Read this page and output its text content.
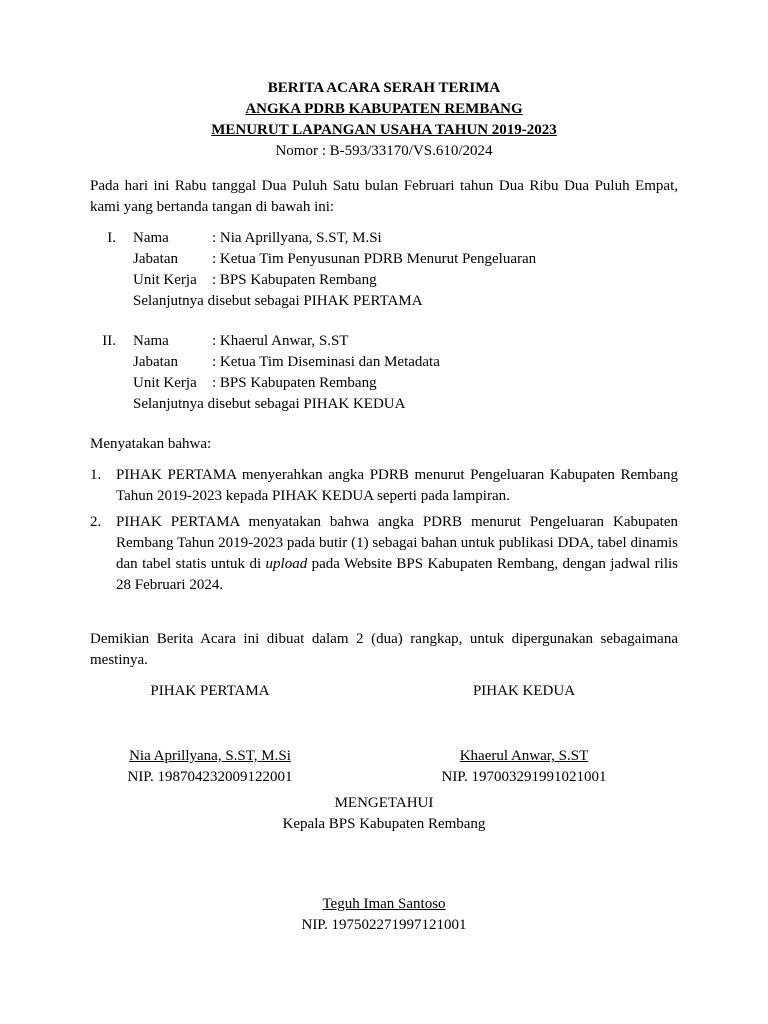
BERITA ACARA SERAH TERIMA
ANGKA PDRB KABUPATEN REMBANG
MENURUT LAPANGAN USAHA TAHUN 2019-2023
Nomor : B-593/33170/VS.610/2024

Pada hari ini Rabu tanggal Dua Puluh Satu bulan Februari tahun Dua Ribu Dua Puluh Empat, kami yang bertanda tangan di bawah ini:

I. Nama	: Nia Aprillyana, S.ST, M.Si
Jabatan	: Ketua Tim Penyusunan PDRB Menurut Pengeluaran
Unit Kerja	: BPS Kabupaten Rembang
Selanjutnya disebut sebagai PIHAK PERTAMA
II. Nama	: Khaerul Anwar, S.ST
Jabatan	: Ketua Tim Diseminasi dan Metadata
Unit Kerja	: BPS Kabupaten Rembang
Selanjutnya disebut sebagai PIHAK KEDUA

Menyatakan bahwa:

1. PIHAK PERTAMA menyerahkan angka PDRB menurut Pengeluaran Kabupaten Rembang Tahun 2019-2023 kepada PIHAK KEDUA seperti pada lampiran.
2. PIHAK PERTAMA menyatakan bahwa angka PDRB menurut Pengeluaran Kabupaten Rembang Tahun 2019-2023 pada butir (1) sebagai bahan untuk publikasi DDA, tabel dinamis dan tabel statis untuk di upload pada Website BPS Kabupaten Rembang, dengan jadwal rilis 28 Februari 2024.

Demikian Berita Acara ini dibuat dalam 2 (dua) rangkap, untuk dipergunakan sebagaimana mestinya.

PIHAK PERTAMA
Nia Aprillyana, S.ST, M.Si
NIP. 198704232009122001
PIHAK KEDUA
Khaerul Anwar, S.ST
NIP. 197003291991021001
MENGETAHUI
Kepala BPS Kabupaten Rembang
Teguh Iman Santoso
NIP. 197502271997121001
